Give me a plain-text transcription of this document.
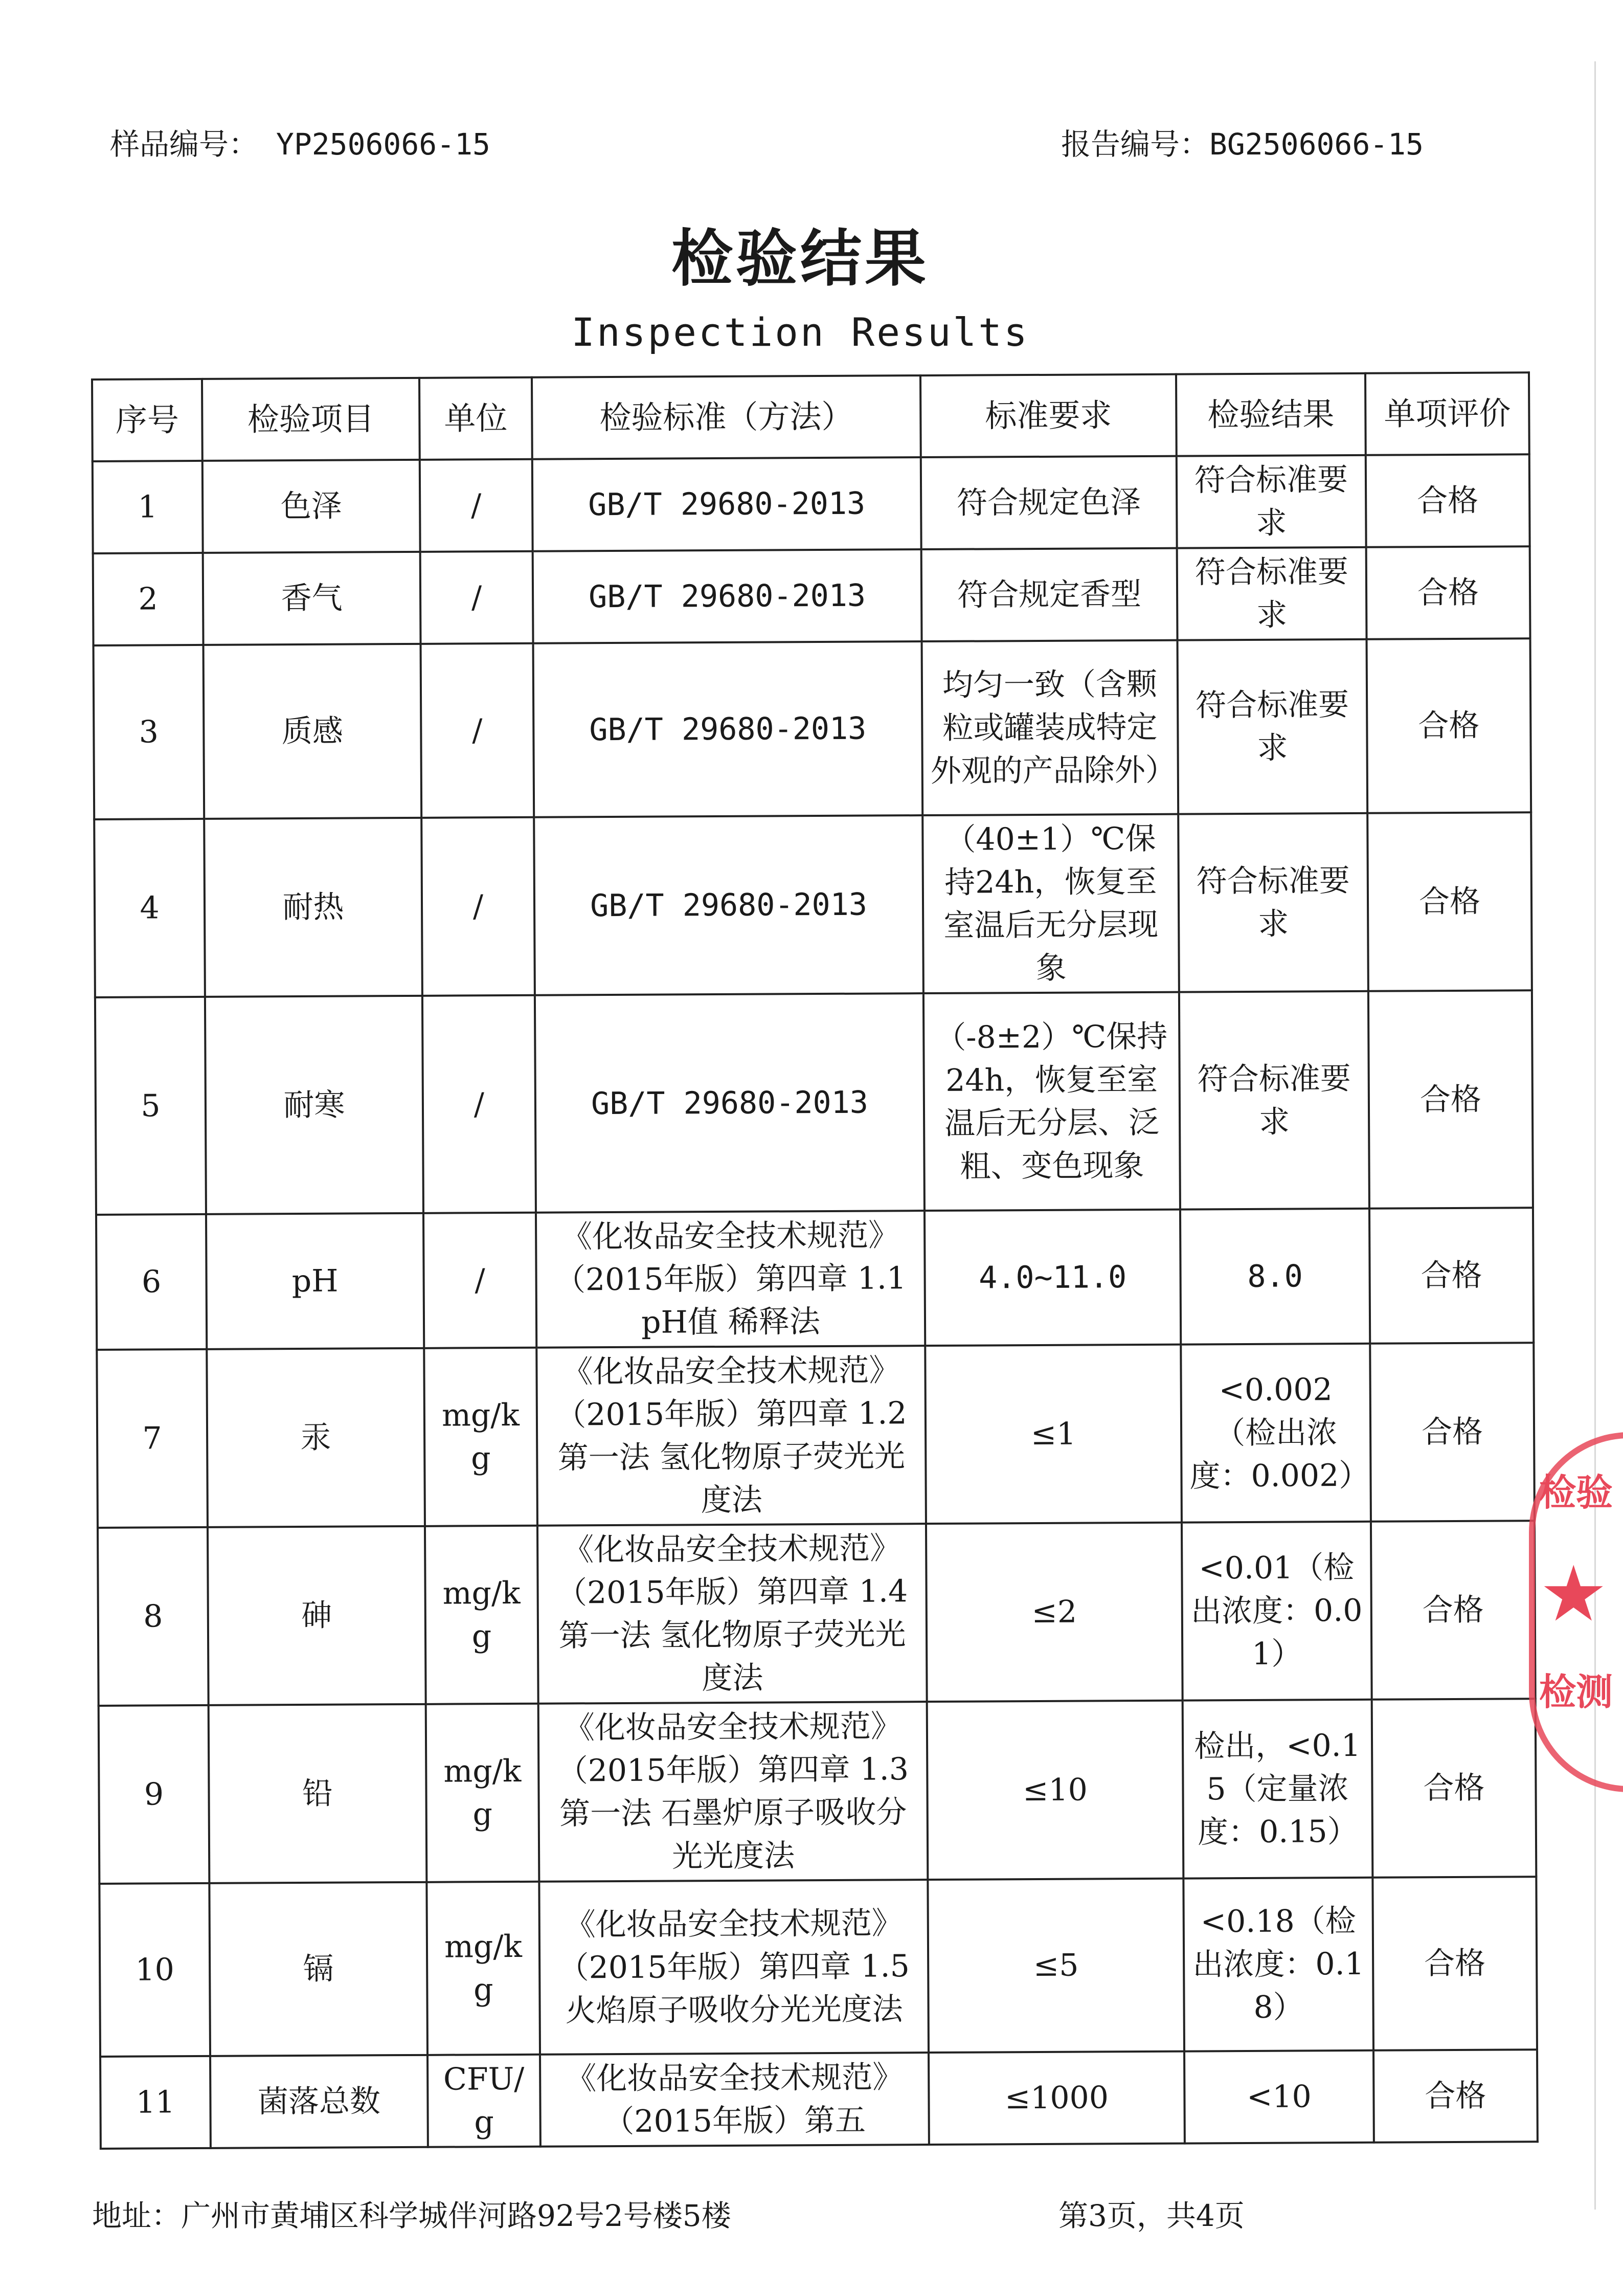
样品编号： YP2506066-15	报告编号：BG2506066-15
检验结果
Inspection Results
序号	检验项目	单位	检验标准（方法）	标准要求	检验结果	单项评价
1	色泽	/	GB/T 29680-2013	符合规定色泽	符合标准要求	合格
2	香气	/	GB/T 29680-2013	符合规定香型	符合标准要求	合格
3	质感	/	GB/T 29680-2013	均匀一致（含颗粒或罐装成特定外观的产品除外）	符合标准要求	合格
4	耐热	/	GB/T 29680-2013	（40±1）℃保持24h，恢复至室温后无分层现象	符合标准要求	合格
5	耐寒	/	GB/T 29680-2013	（-8±2）℃保持24h，恢复至室温后无分层、泛粗、变色现象	符合标准要求	合格
6	pH	/	《化妆品安全技术规范》（2015年版）第四章 1.1 pH值 稀释法	4.0~11.0	8.0	合格
7	汞	mg/kg	《化妆品安全技术规范》（2015年版）第四章 1.2第一法 氢化物原子荧光光度法	≤1	<0.002（检出浓度：0.002）	合格
8	砷	mg/kg	《化妆品安全技术规范》（2015年版）第四章 1.4第一法 氢化物原子荧光光度法	≤2	<0.01（检出浓度：0.01）	合格
9	铅	mg/kg	《化妆品安全技术规范》（2015年版）第四章 1.3 第一法 石墨炉原子吸收分光光度法	≤10	检出，<0.15（定量浓度：0.15）	合格
10	镉	mg/kg	《化妆品安全技术规范》（2015年版）第四章 1.5 火焰原子吸收分光光度法	≤5	<0.18（检出浓度：0.18）	合格
11	菌落总数	CFU/g	《化妆品安全技术规范》（2015年版）第五	≤1000	<10	合格
检验
★
检测
地址：广州市黄埔区科学城伴河路92号2号楼5楼	第3页，共4页
